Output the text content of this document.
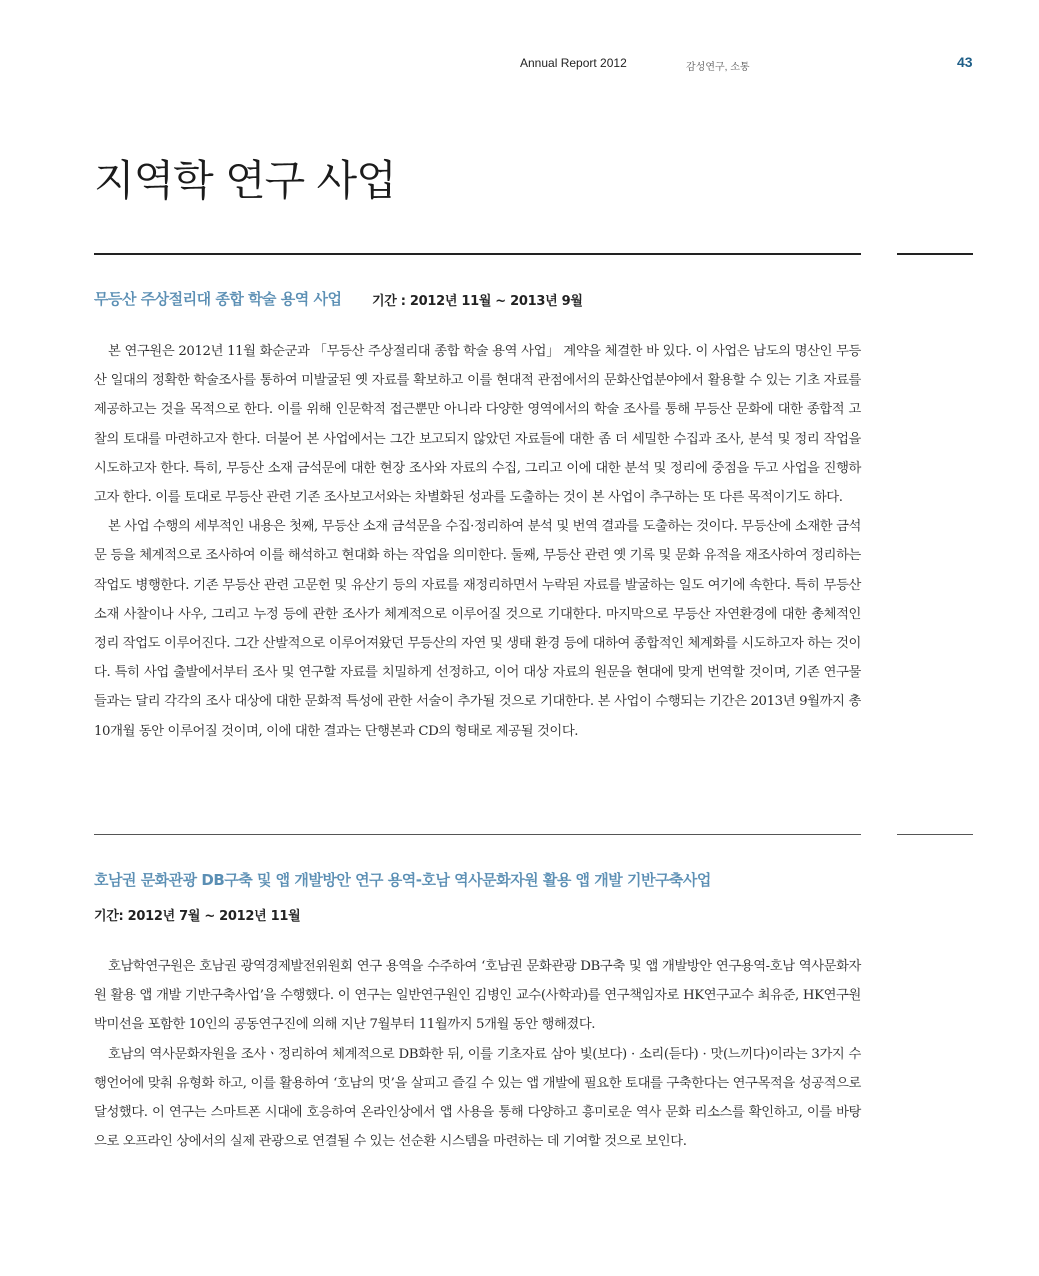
Annual Report 2012	감성연구, 소통	43
지역학 연구 사업
무등산 주상절리대 종합 학술 용역 사업 기간 : 2012년 11월 ~ 2013년 9월

본 연구원은 2012년 11월 화순군과 「무등산 주상절리대 종합 학술 용역 사업」 계약을 체결한 바 있다. 이 사업은 남도의 명산인 무등산 일대의 정확한 학술조사를 통하여 미발굴된 옛 자료를 확보하고 이를 현대적 관점에서의 문화산업분야에서 활용할 수 있는 기초 자료를 제공하고는 것을 목적으로 한다. 이를 위해 인문학적 접근뿐만 아니라 다양한 영역에서의 학술 조사를 통해 무등산 문화에 대한 종합적 고찰의 토대를 마련하고자 한다. 더불어 본 사업에서는 그간 보고되지 않았던 자료들에 대한 좀 더 세밀한 수집과 조사, 분석 및 정리 작업을 시도하고자 한다. 특히, 무등산 소재 금석문에 대한 현장 조사와 자료의 수집, 그리고 이에 대한 분석 및 정리에 중점을 두고 사업을 진행하고자 한다. 이를 토대로 무등산 관련 기존 조사보고서와는 차별화된 성과를 도출하는 것이 본 사업이 추구하는 또 다른 목적이기도 하다.

본 사업 수행의 세부적인 내용은 첫째, 무등산 소재 금석문을 수집·정리하여 분석 및 번역 결과를 도출하는 것이다. 무등산에 소재한 금석문 등을 체계적으로 조사하여 이를 해석하고 현대화 하는 작업을 의미한다. 둘째, 무등산 관련 옛 기록 및 문화 유적을 재조사하여 정리하는 작업도 병행한다. 기존 무등산 관련 고문헌 및 유산기 등의 자료를 재정리하면서 누락된 자료를 발굴하는 일도 여기에 속한다. 특히 무등산 소재 사찰이나 사우, 그리고 누정 등에 관한 조사가 체계적으로 이루어질 것으로 기대한다. 마지막으로 무등산 자연환경에 대한 총체적인 정리 작업도 이루어진다. 그간 산발적으로 이루어져왔던 무등산의 자연 및 생태 환경 등에 대하여 종합적인 체계화를 시도하고자 하는 것이다. 특히 사업 출발에서부터 조사 및 연구할 자료를 치밀하게 선정하고, 이어 대상 자료의 원문을 현대에 맞게 번역할 것이며, 기존 연구물들과는 달리 각각의 조사 대상에 대한 문화적 특성에 관한 서술이 추가될 것으로 기대한다. 본 사업이 수행되는 기간은 2013년 9월까지 총 10개월 동안 이루어질 것이며, 이에 대한 결과는 단행본과 CD의 형태로 제공될 것이다.

호남권 문화관광 DB구축 및 앱 개발방안 연구 용역-호남 역사문화자원 활용 앱 개발 기반구축사업
기간: 2012년 7월 ~ 2012년 11월

호남학연구원은 호남권 광역경제발전위원회 연구 용역을 수주하여 ‘호남권 문화관광 DB구축 및 앱 개발방안 연구용역-호남 역사문화자원 활용 앱 개발 기반구축사업’을 수행했다. 이 연구는 일반연구원인 김병인 교수(사학과)를 연구책임자로 HK연구교수 최유준, HK연구원 박미선을 포함한 10인의 공동연구진에 의해 지난 7월부터 11월까지 5개월 동안 행해졌다.

호남의 역사문화자원을 조사ㆍ정리하여 체계적으로 DB화한 뒤, 이를 기초자료 삼아 빛(보다) · 소리(듣다) · 맛(느끼다)이라는 3가지 수행언어에 맞춰 유형화 하고, 이를 활용하여 ‘호남의 멋’을 살피고 즐길 수 있는 앱 개발에 필요한 토대를 구축한다는 연구목적을 성공적으로 달성했다. 이 연구는 스마트폰 시대에 호응하여 온라인상에서 앱 사용을 통해 다양하고 흥미로운 역사 문화 리소스를 확인하고, 이를 바탕으로 오프라인 상에서의 실제 관광으로 연결될 수 있는 선순환 시스템을 마련하는 데 기여할 것으로 보인다.
